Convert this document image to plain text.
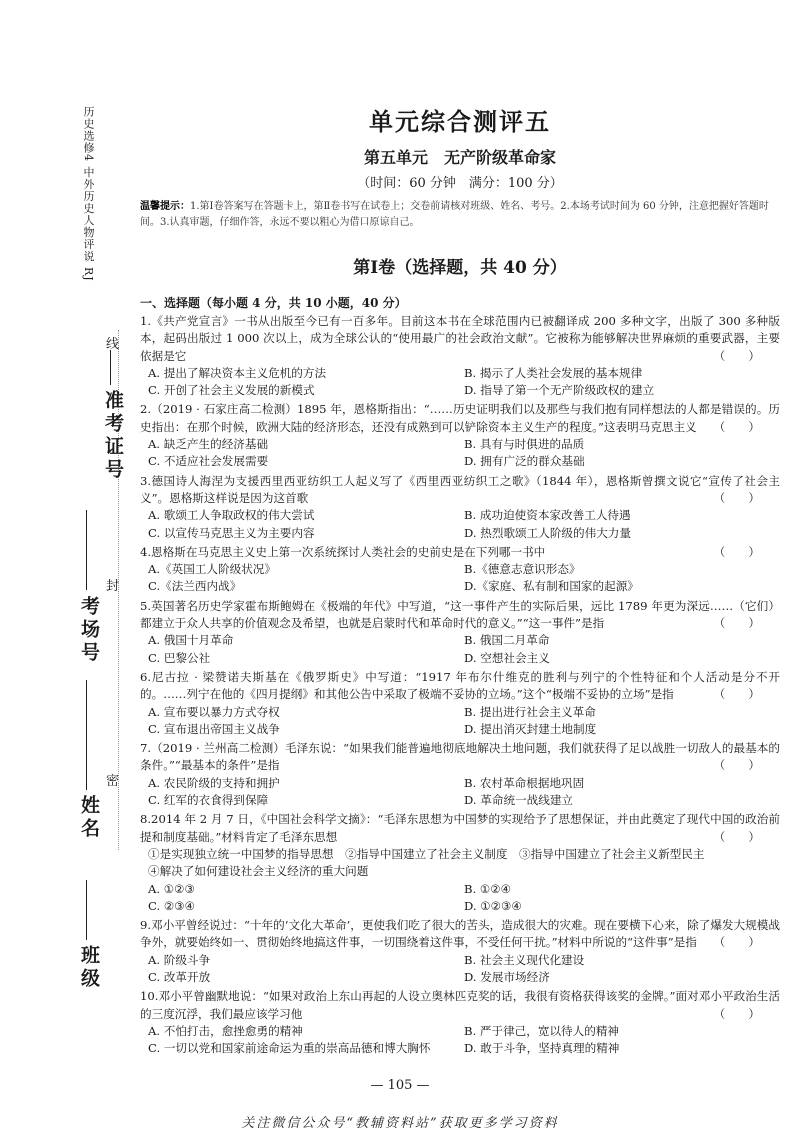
历史选修4 中外历史人物评说 RJ
线
封
密
准考证号
考场号
姓名
班级
单元综合测评五
第五单元　无产阶级革命家
（时间：60 分钟　满分：100 分）
温馨提示：1.第Ⅰ卷答案写在答题卡上，第Ⅱ卷书写在试卷上；交卷前请核对班级、姓名、考号。2.本场考试时间为 60 分钟，注意把握好答题时间。3.认真审题，仔细作答，永远不要以粗心为借口原谅自己。
第Ⅰ卷（选择题，共 40 分）
一、选择题（每小题 4 分，共 10 小题，40 分）
1.《共产党宣言》一书从出版至今已有一百多年。目前这本书在全球范围内已被翻译成 200 多种文字，出版了 300 多种版本，起码出版过 1 000 次以上，成为全球公认的“使用最广的社会政治文献”。它被称为能够解决世界麻烦的重要武器，主要依据是它	（　　）
A. 提出了解决资本主义危机的方法	B. 揭示了人类社会发展的基本规律
C. 开创了社会主义发展的新模式	D. 指导了第一个无产阶级政权的建立
2.（2019 · 石家庄高二检测）1895 年，恩格斯指出：“……历史证明我们以及那些与我们抱有同样想法的人都是错误的。历史指出：在那个时候，欧洲大陆的经济形态，还没有成熟到可以铲除资本主义生产的程度。”这表明马克思主义 （　　）
A. 缺乏产生的经济基础	B. 具有与时俱进的品质
C. 不适应社会发展需要	D. 拥有广泛的群众基础
3.德国诗人海涅为支援西里西亚纺织工人起义写了《西里西亚纺织工之歌》（1844 年），恩格斯曾撰文说它“宣传了社会主义”。恩格斯这样说是因为这首歌	（　　）
A. 歌颂工人争取政权的伟大尝试	B. 成功迫使资本家改善工人待遇
C. 以宣传马克思主义为主要内容	D. 热烈歌颂工人阶级的伟大力量
4.恩格斯在马克思主义史上第一次系统探讨人类社会的史前史是在下列哪一书中	（　　）
A.《英国工人阶级状况》	B.《德意志意识形态》
C.《法兰西内战》	D.《家庭、私有制和国家的起源》
5.英国著名历史学家霍布斯鲍姆在《极端的年代》中写道，“这一事件产生的实际后果，远比 1789 年更为深远……（它们）都建立于众人共享的价值观念及希望，也就是启蒙时代和革命时代的意义。”“这一事件”是指	（　　）
A. 俄国十月革命	B. 俄国二月革命
C. 巴黎公社	D. 空想社会主义
6.尼古拉 · 梁赞诺夫斯基在《俄罗斯史》中写道：“1917 年布尔什维克的胜利与列宁的个性特征和个人活动是分不开的。……列宁在他的《四月提纲》和其他公告中采取了极端不妥协的立场。”这个“极端不妥协的立场”是指	（　　）
A. 宣布要以暴力方式夺权	B. 提出进行社会主义革命
C. 宣布退出帝国主义战争	D. 提出消灭封建土地制度
7.（2019 · 兰州高二检测）毛泽东说：“如果我们能普遍地彻底地解决土地问题，我们就获得了足以战胜一切敌人的最基本的条件。”“最基本的条件”是指	（　　）
A. 农民阶级的支持和拥护	B. 农村革命根据地巩固
C. 红军的衣食得到保障	D. 革命统一战线建立
8.2014 年 2 月 7 日，《中国社会科学文摘》：“毛泽东思想为中国梦的实现给予了思想保证，并由此奠定了现代中国的政治前提和制度基础。”材料肯定了毛泽东思想	（　　）
①是实现独立统一中国梦的指导思想　②指导中国建立了社会主义制度　③指导中国建立了社会主义新型民主
④解决了如何建设社会主义经济的重大问题
A. ①②③	B. ①②④
C. ②③④	D. ①②③④
9.邓小平曾经说过：“十年的‘文化大革命’，更使我们吃了很大的苦头，造成很大的灾难。现在要横下心来，除了爆发大规模战争外，就要始终如一、贯彻始终地搞这件事，一切围绕着这件事，不受任何干扰。”材料中所说的“这件事”是指 （　　）
A. 阶级斗争	B. 社会主义现代化建设
C. 改革开放	D. 发展市场经济
10.邓小平曾幽默地说：“如果对政治上东山再起的人设立奥林匹克奖的话，我很有资格获得该奖的金牌。”面对邓小平政治生活的三度沉浮，我们最应该学习他	（　　）
A. 不怕打击，愈挫愈勇的精神	B. 严于律己，宽以待人的精神
C. 一切以党和国家前途命运为重的崇高品德和博大胸怀	D. 敢于斗争，坚持真理的精神
— 105 —
关注微信公众号“教辅资料站”获取更多学习资料
